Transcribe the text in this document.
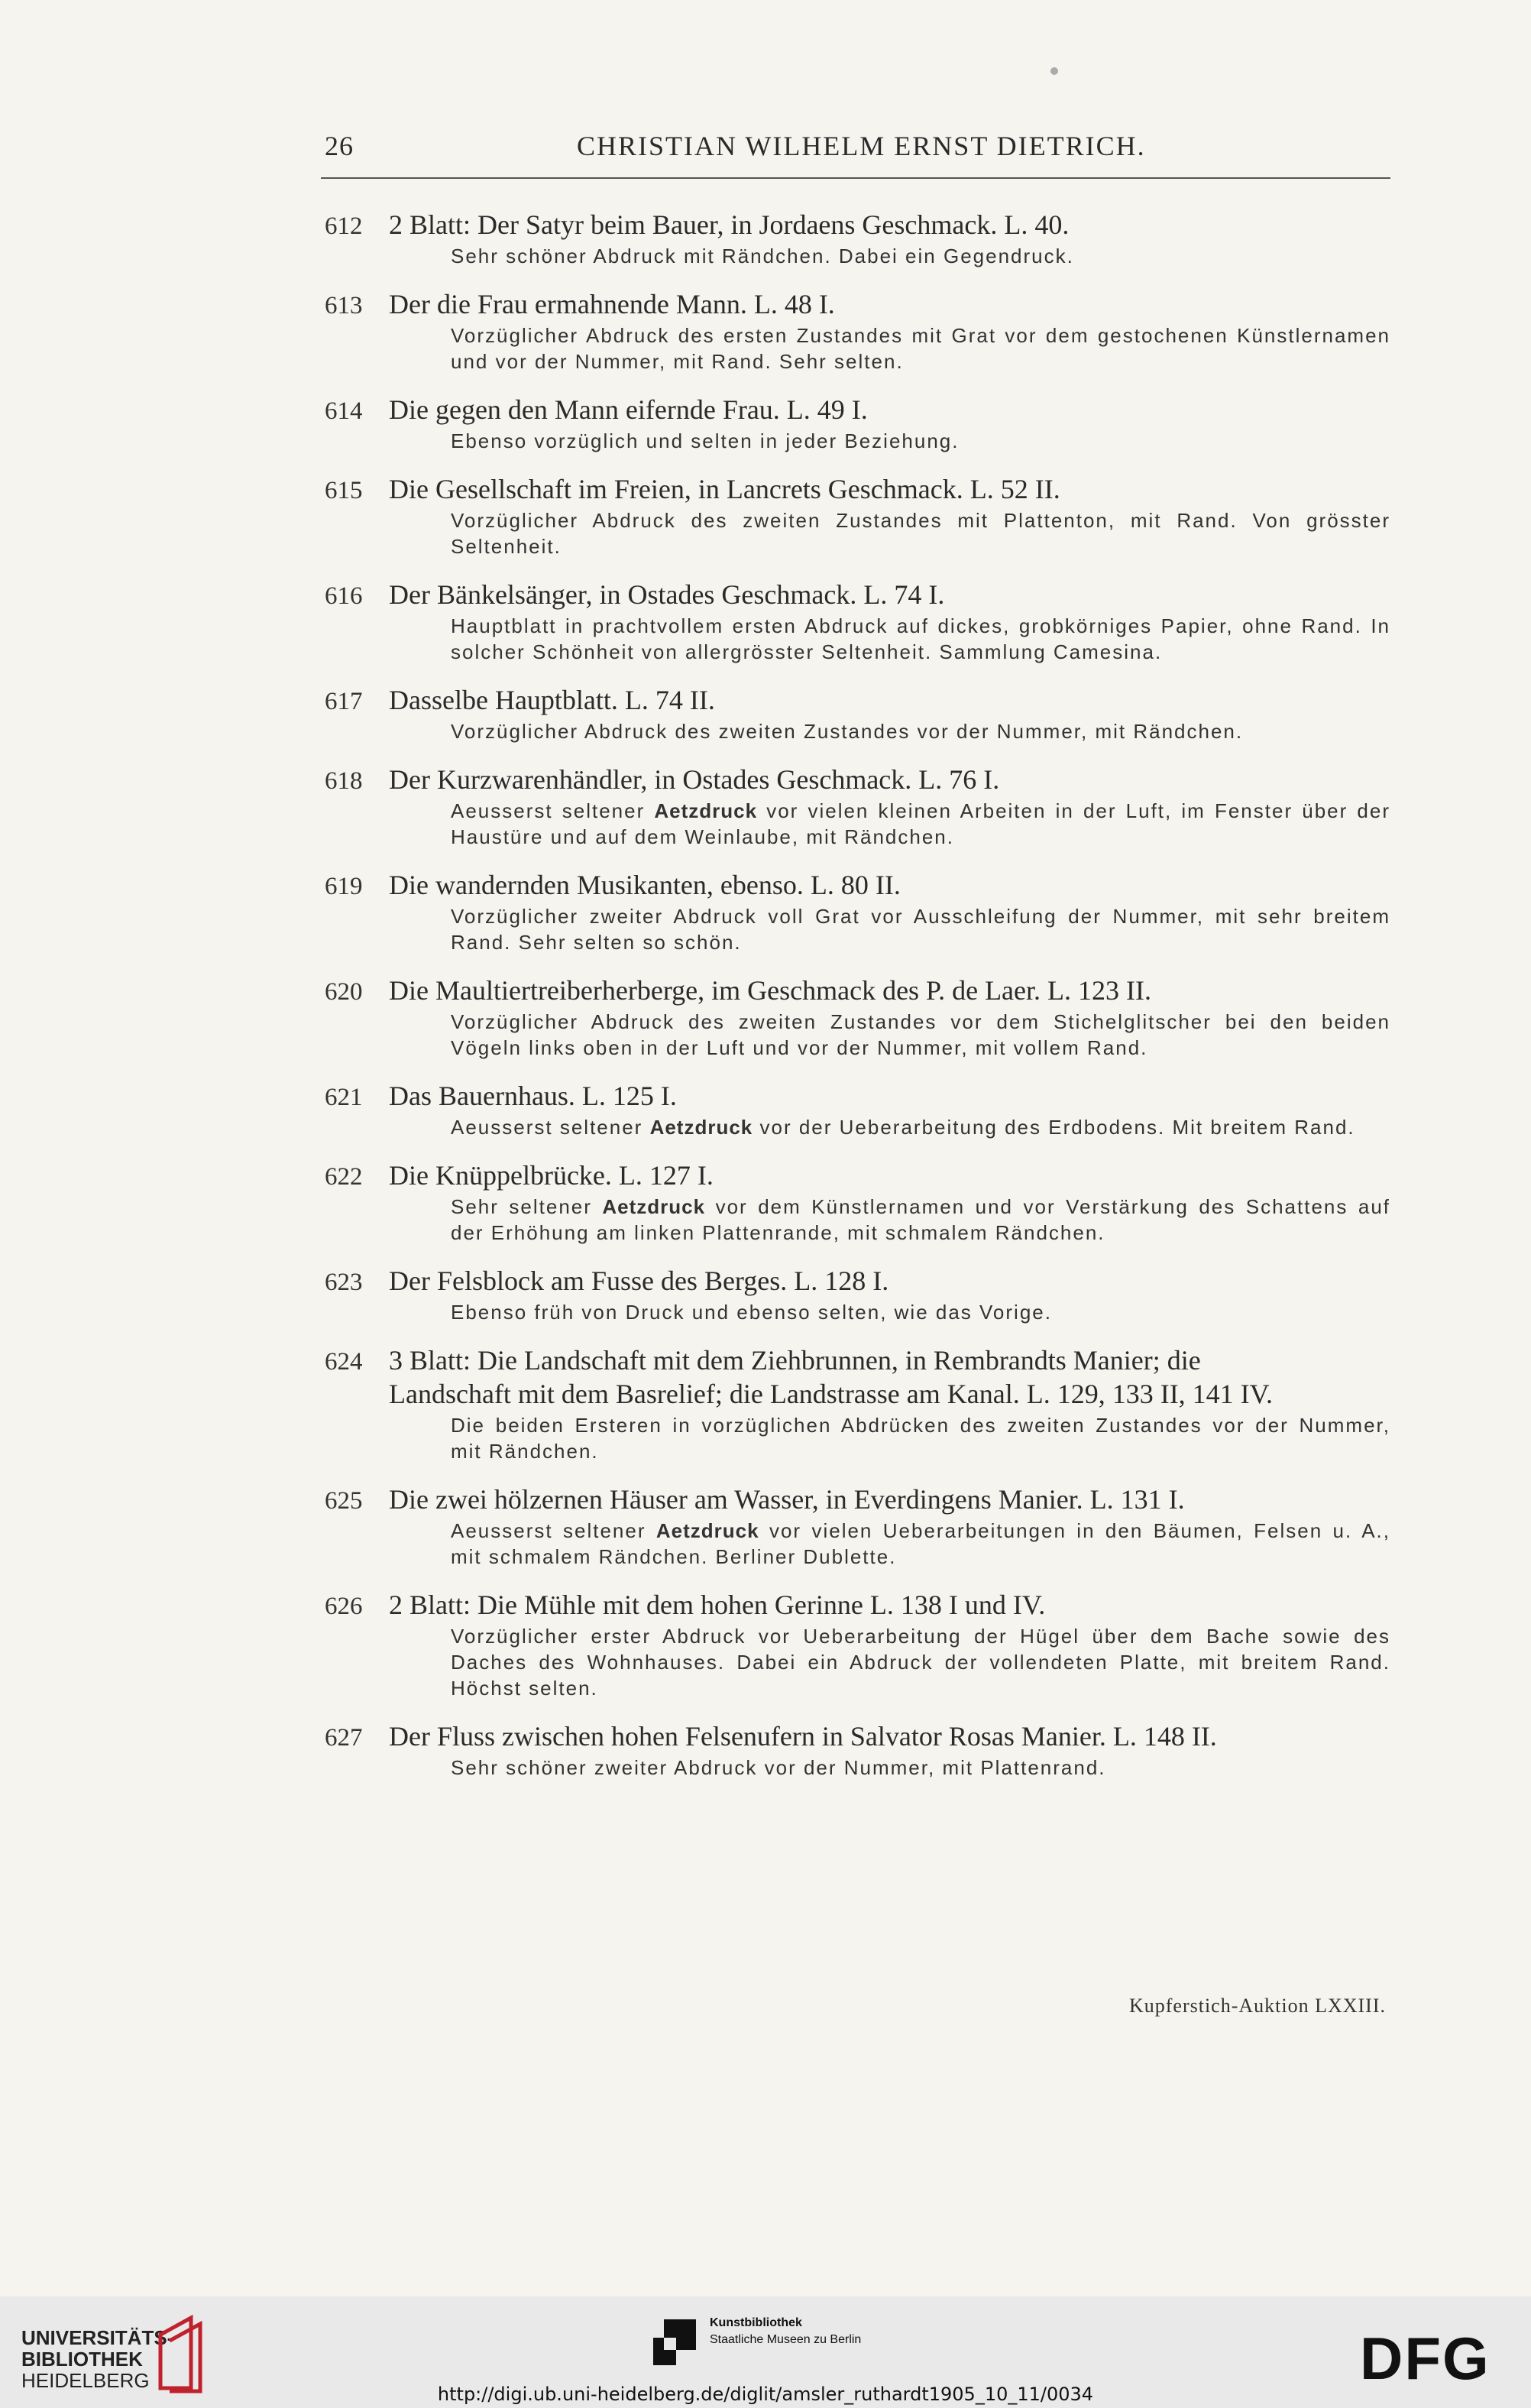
26	CHRISTIAN WILHELM ERNST DIETRICH.
612 2 Blatt: Der Satyr beim Bauer, in Jordaens Geschmack. L. 40.
Sehr schöner Abdruck mit Rändchen. Dabei ein Gegendruck.
613 Der die Frau ermahnende Mann. L. 48 I.
Vorzüglicher Abdruck des ersten Zustandes mit Grat vor dem gestochenen Künstlernamen und vor der Nummer, mit Rand. Sehr selten.
614 Die gegen den Mann eifernde Frau. L. 49 I.
Ebenso vorzüglich und selten in jeder Beziehung.
615 Die Gesellschaft im Freien, in Lancrets Geschmack. L. 52 II.
Vorzüglicher Abdruck des zweiten Zustandes mit Plattenton, mit Rand. Von grösster Seltenheit.
616 Der Bänkelsänger, in Ostades Geschmack. L. 74 I.
Hauptblatt in prachtvollem ersten Abdruck auf dickes, grobkörniges Papier, ohne Rand. In solcher Schönheit von allergrösster Seltenheit. Sammlung Camesina.
617 Dasselbe Hauptblatt. L. 74 II.
Vorzüglicher Abdruck des zweiten Zustandes vor der Nummer, mit Rändchen.
618 Der Kurzwarenhändler, in Ostades Geschmack. L. 76 I.
Aeusserst seltener Aetzdruck vor vielen kleinen Arbeiten in der Luft, im Fenster über der Haustüre und auf dem Weinlaube, mit Rändchen.
619 Die wandernden Musikanten, ebenso. L. 80 II.
Vorzüglicher zweiter Abdruck voll Grat vor Ausschleifung der Nummer, mit sehr breitem Rand. Sehr selten so schön.
620 Die Maultiertreiberherberge, im Geschmack des P. de Laer. L. 123 II.
Vorzüglicher Abdruck des zweiten Zustandes vor dem Stichelglitscher bei den beiden Vögeln links oben in der Luft und vor der Nummer, mit vollem Rand.
621 Das Bauernhaus. L. 125 I.
Aeusserst seltener Aetzdruck vor der Ueberarbeitung des Erdbodens. Mit breitem Rand.
622 Die Knüppelbrücke. L. 127 I.
Sehr seltener Aetzdruck vor dem Künstlernamen und vor Verstärkung des Schattens auf der Erhöhung am linken Plattenrande, mit schmalem Rändchen.
623 Der Felsblock am Fusse des Berges. L. 128 I.
Ebenso früh von Druck und ebenso selten, wie das Vorige.
624 3 Blatt: Die Landschaft mit dem Ziehbrunnen, in Rembrandts Manier; die
Landschaft mit dem Basrelief; die Landstrasse am Kanal. L. 129, 133 II, 141 IV.
Die beiden Ersteren in vorzüglichen Abdrücken des zweiten Zustandes vor der Nummer, mit Rändchen.
625 Die zwei hölzernen Häuser am Wasser, in Everdingens Manier. L. 131 I.
Aeusserst seltener Aetzdruck vor vielen Ueberarbeitungen in den Bäumen, Felsen u. A., mit schmalem Rändchen. Berliner Dublette.
626 2 Blatt: Die Mühle mit dem hohen Gerinne L. 138 I und IV.
Vorzüglicher erster Abdruck vor Ueberarbeitung der Hügel über dem Bache sowie des Daches des Wohnhauses. Dabei ein Abdruck der vollendeten Platte, mit breitem Rand. Höchst selten.
627 Der Fluss zwischen hohen Felsenufern in Salvator Rosas Manier. L. 148 II.
Sehr schöner zweiter Abdruck vor der Nummer, mit Plattenrand.
Kupferstich-Auktion LXXIII.
UNIVERSITÄTS-
BIBLIOTHEK
HEIDELBERG
Kunstbibliothek
Staatliche Museen zu Berlin	DFG
http://digi.ub.uni-heidelberg.de/diglit/amsler_ruthardt1905_10_11/0034
